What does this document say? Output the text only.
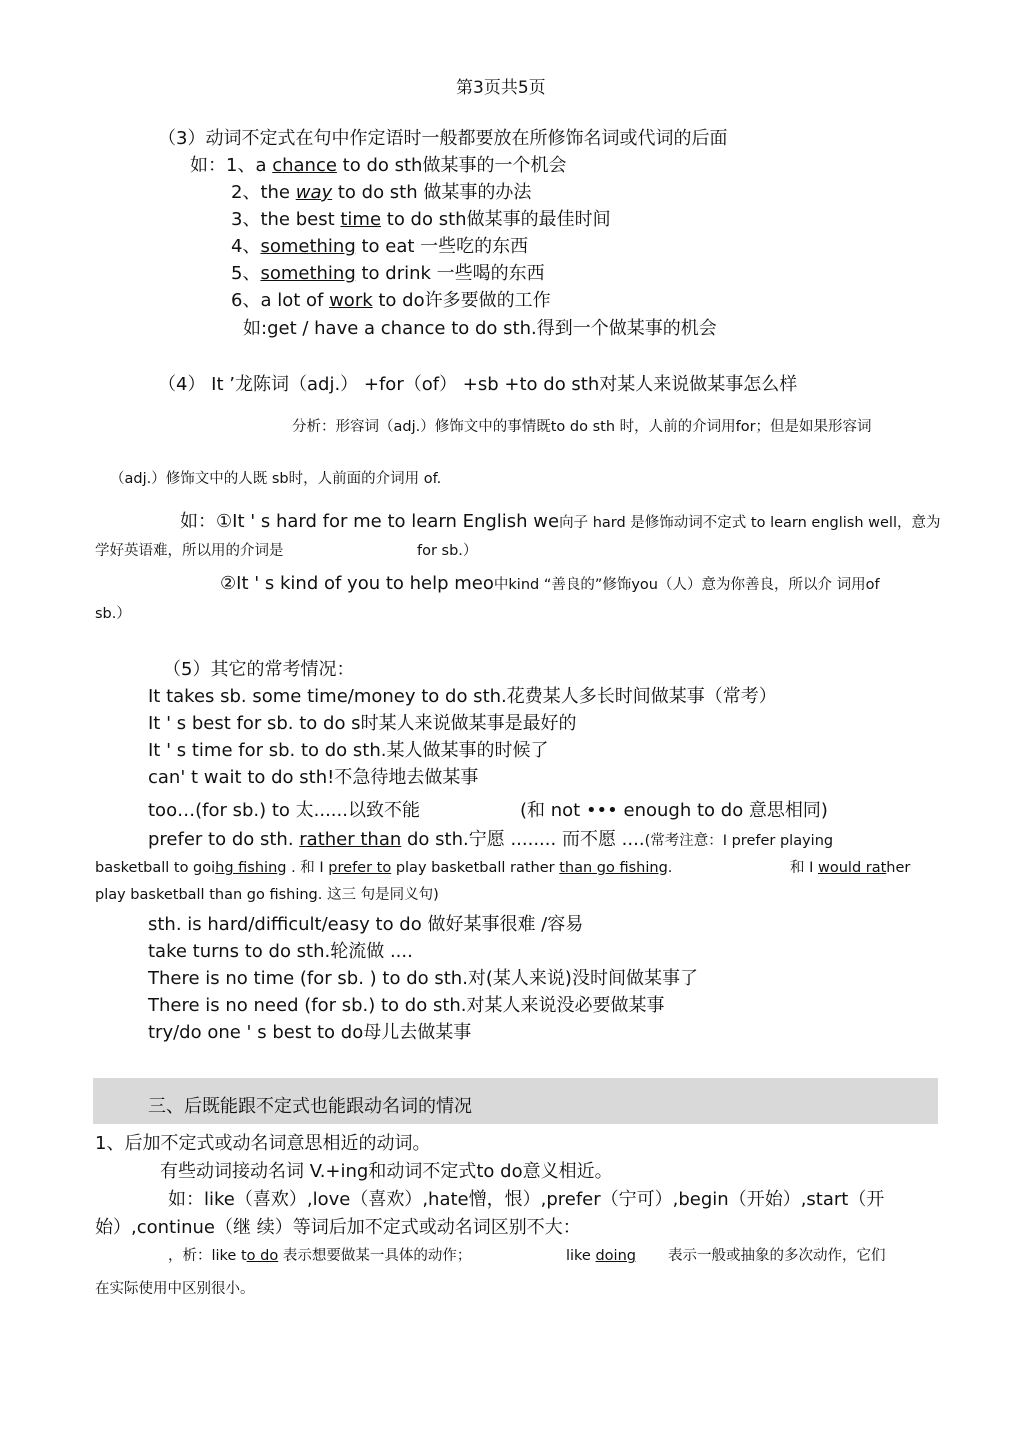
第3页共5页
（3）动词不定式在句中作定语时一般都要放在所修饰名词或代词的后面
如：1、a chance to do sth做某事的一个机会
2、the way to do sth 做某事的办法
3、the best time to do sth做某事的最佳时间
4、something to eat 一些吃的东西
5、something to drink 一些喝的东西
6、a lot of work to do许多要做的工作
如:get / have a chance to do sth.得到一个做某事的机会
（4） It ’龙陈词（adj.） +for（of） +sb +to do sth对某人来说做某事怎么样
分析：形容词（adj.）修饰文中的事情既to do sth 时，人前的介词用for；但是如果形容词
（adj.）修饰文中的人既 sb时，人前面的介词用 of.
如：①It ' s hard for me to learn English we向子 hard 是修饰动词不定式 to learn english well，意为
学好英语难，所以用的介词是	for sb.）
②It ' s kind of you to help meo中kind “善良的”修饰you（人）意为你善良，所以介 词用of
sb.）
（5）其它的常考情况：
It takes sb. some time/money to do sth.花费某人多长时间做某事（常考）
It ' s best for sb. to do s时某人来说做某事是最好的
It ' s time for sb. to do sth.某人做某事的时候了
can' t wait to do sth!不急待地去做某事
too…(for sb.) to 太......以致不能	(和 not ••• enough to do 意思相同)
prefer to do sth. rather than do sth.宁愿 ........ 而不愿 ....(常考注意：I prefer playing
basketball to goihg fishing . 和 I prefer to play basketball rather than go fishing.	和 I would rather
play basketball than go fishing. 这三 句是同义句)
sth. is hard/difficult/easy to do 做好某事很难 /容易
take turns to do sth.轮流做 ....
There is no time (for sb. ) to do sth.对(某人来说)没时间做某事了
There is no need (for sb.) to do sth.对某人来说没必要做某事
try/do one ' s best to do母儿去做某事
三、后既能跟不定式也能跟动名词的情况
1、后加不定式或动名词意思相近的动词。
有些动词接动名词 V.+ing和动词不定式to do意义相近。
如：like（喜欢）,love（喜欢）,hate憎，恨）,prefer（宁可）,begin（开始）,start（开
始）,continue（继 续）等词后加不定式或动名词区别不大：
，析：like to do 表示想要做某一具体的动作；	like doing 表示一般或抽象的多次动作，它们
在实际使用中区别很小。
